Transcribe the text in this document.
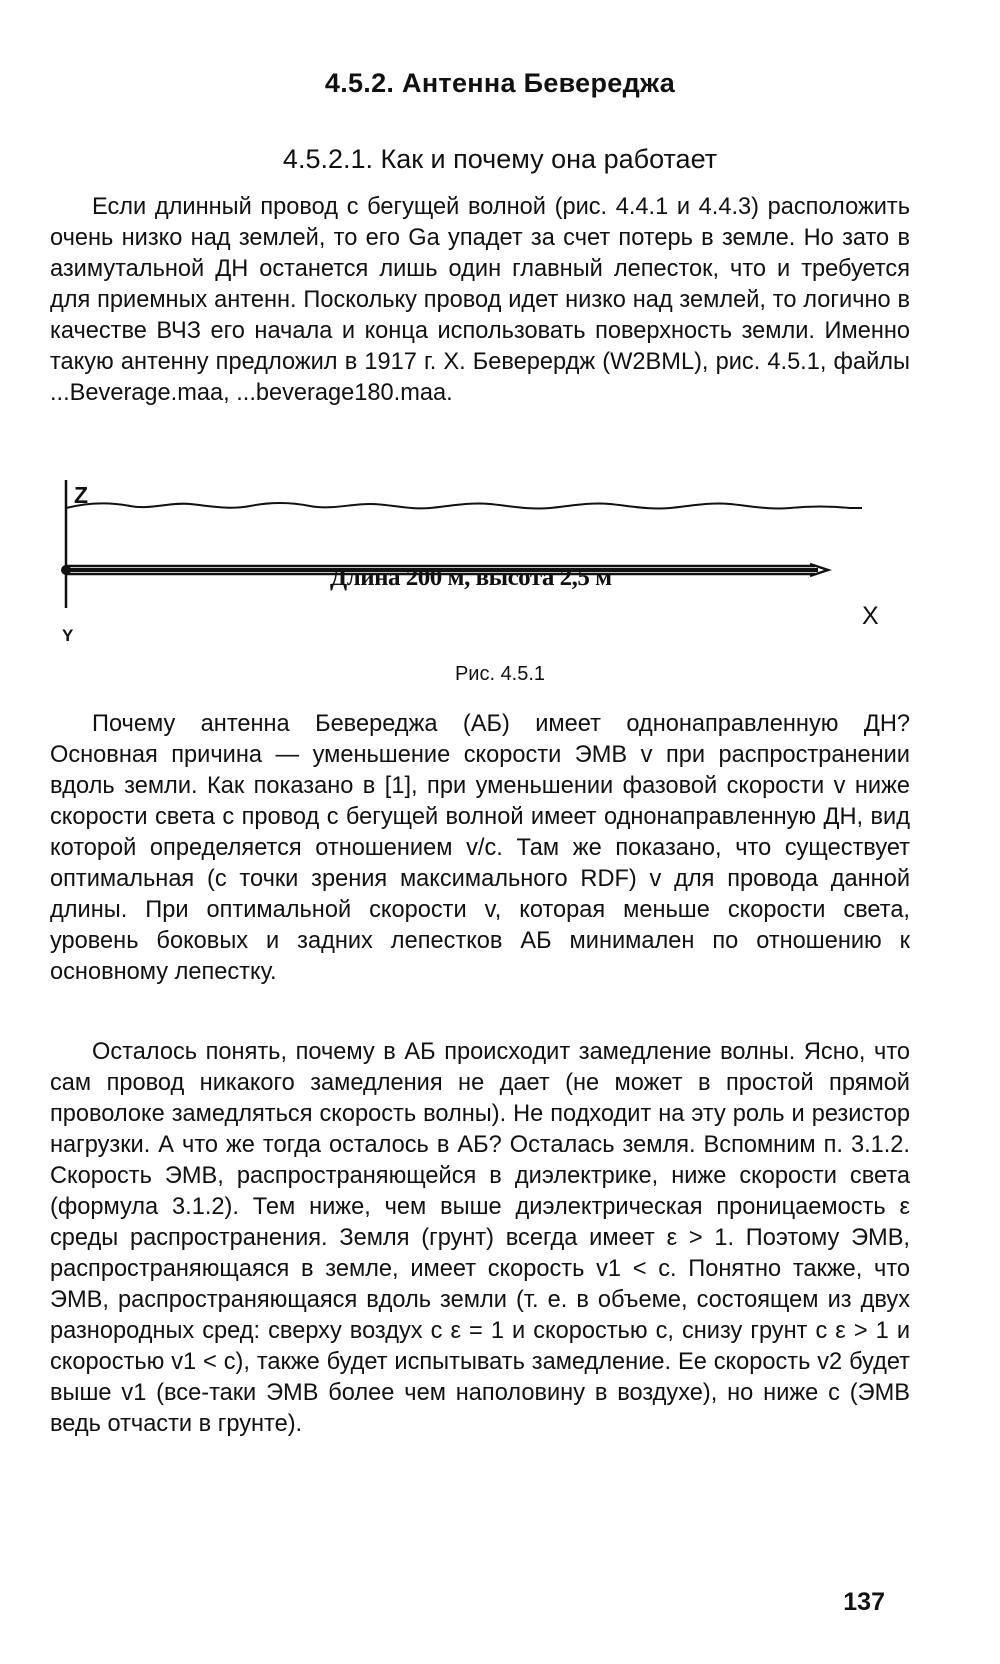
4.5.2. Антенна Бевереджа
4.5.2.1. Как и почему она работает

Если длинный провод с бегущей волной (рис. 4.4.1 и 4.4.3) расположить очень низко над землей, то его Ga упадет за счет потерь в земле. Но зато в азимутальной ДН останется лишь один главный лепесток, что и требуется для приемных антенн. Поскольку провод идет низко над землей, то логично в качестве ВЧЗ его начала и конца использовать поверхность земли. Именно такую антенну предложил в 1917 г. Х. Беверердж (W2BML), рис. 4.5.1, файлы ...Beverage.maa, ...beverage180.maa.

Z
Y
X
Длина 200 м, высота 2,5 м
Рис. 4.5.1

Почему антенна Бевереджа (АБ) имеет однонаправленную ДН? Основная причина — уменьшение скорости ЭМВ v при распространении вдоль земли. Как показано в [1], при уменьшении фазовой скорости v ниже скорости света c провод с бегущей волной имеет однонаправленную ДН, вид которой определяется отношением v/c. Там же показано, что существует оптимальная (с точки зрения максимального RDF) v для провода данной длины. При оптимальной скорости v, которая меньше скорости света, уровень боковых и задних лепестков АБ минимален по отношению к основному лепестку.

Осталось понять, почему в АБ происходит замедление волны. Ясно, что сам провод никакого замедления не дает (не может в простой прямой проволоке замедляться скорость волны). Не подходит на эту роль и резистор нагрузки. А что же тогда осталось в АБ? Осталась земля. Вспомним п. 3.1.2. Скорость ЭМВ, распространяющейся в диэлектрике, ниже скорости света (формула 3.1.2). Тем ниже, чем выше диэлектрическая проницаемость ε среды распространения. Земля (грунт) всегда имеет ε > 1. Поэтому ЭМВ, распространяющаяся в земле, имеет скорость v1 < c. Понятно также, что ЭМВ, распространяющаяся вдоль земли (т. е. в объеме, состоящем из двух разнородных сред: сверху воздух с ε = 1 и скоростью c, снизу грунт с ε > 1 и скоростью v1 < c), также будет испытывать замедление. Ее скорость v2 будет выше v1 (все-таки ЭМВ более чем наполовину в воздухе), но ниже c (ЭМВ ведь отчасти в грунте).

137
